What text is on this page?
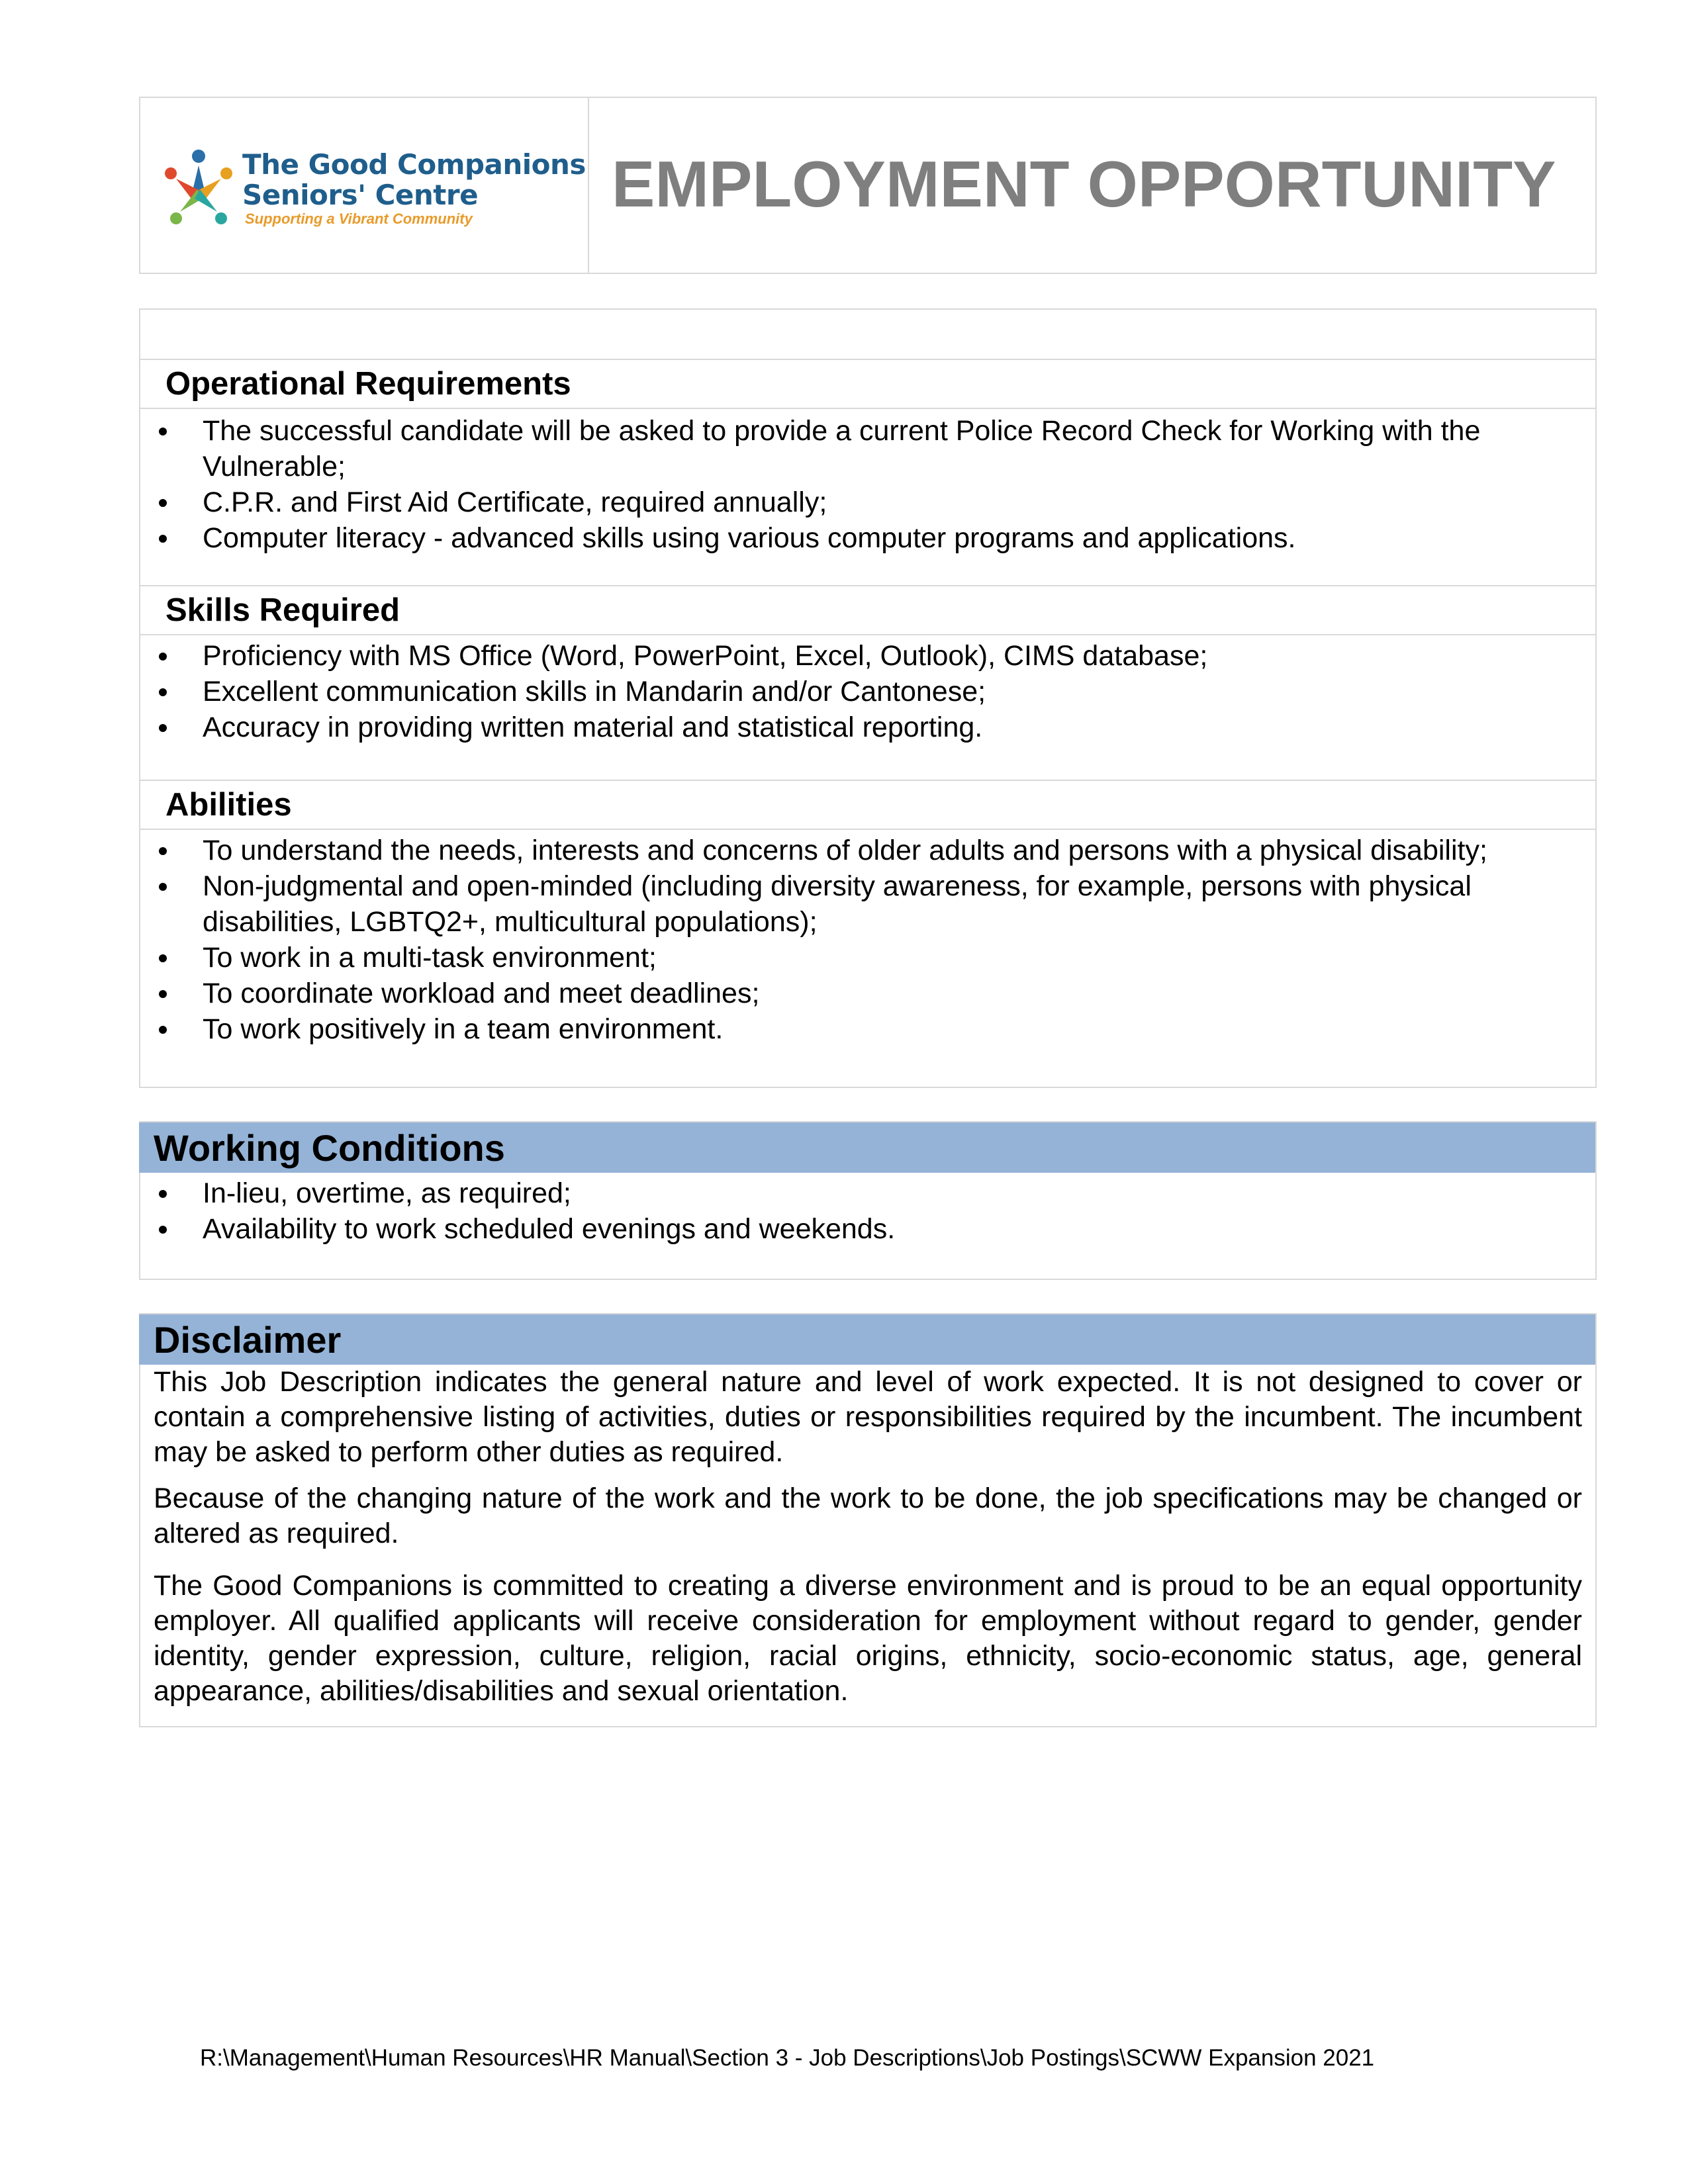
The Good Companions
Seniors' Centre
Supporting a Vibrant Community EMPLOYMENT OPPORTUNITY
Operational Requirements
The successful candidate will be asked to provide a current Police Record Check for Working with the Vulnerable;
C.P.R. and First Aid Certificate, required annually;
Computer literacy - advanced skills using various computer programs and applications.
Skills Required
Proficiency with MS Office (Word, PowerPoint, Excel, Outlook), CIMS database;
Excellent communication skills in Mandarin and/or Cantonese;
Accuracy in providing written material and statistical reporting.
Abilities
To understand the needs, interests and concerns of older adults and persons with a physical disability;
Non-judgmental and open-minded (including diversity awareness, for example, persons with physical disabilities, LGBTQ2+, multicultural populations);
To work in a multi-task environment;
To coordinate workload and meet deadlines;
To work positively in a team environment.
Working Conditions
In-lieu, overtime, as required;
Availability to work scheduled evenings and weekends.
Disclaimer
This Job Description indicates the general nature and level of work expected. It is not designed to cover or contain a comprehensive listing of activities, duties or responsibilities required by the incumbent. The incumbent may be asked to perform other duties as required.
Because of the changing nature of the work and the work to be done, the job specifications may be changed or altered as required.
The Good Companions is committed to creating a diverse environment and is proud to be an equal opportunity employer. All qualified applicants will receive consideration for employment without regard to gender, gender identity, gender expression, culture, religion, racial origins, ethnicity, socio-economic status, age, general appearance, abilities/disabilities and sexual orientation.
R:\Management\Human Resources\HR Manual\Section 3 - Job Descriptions\Job Postings\SCWW Expansion 2021
